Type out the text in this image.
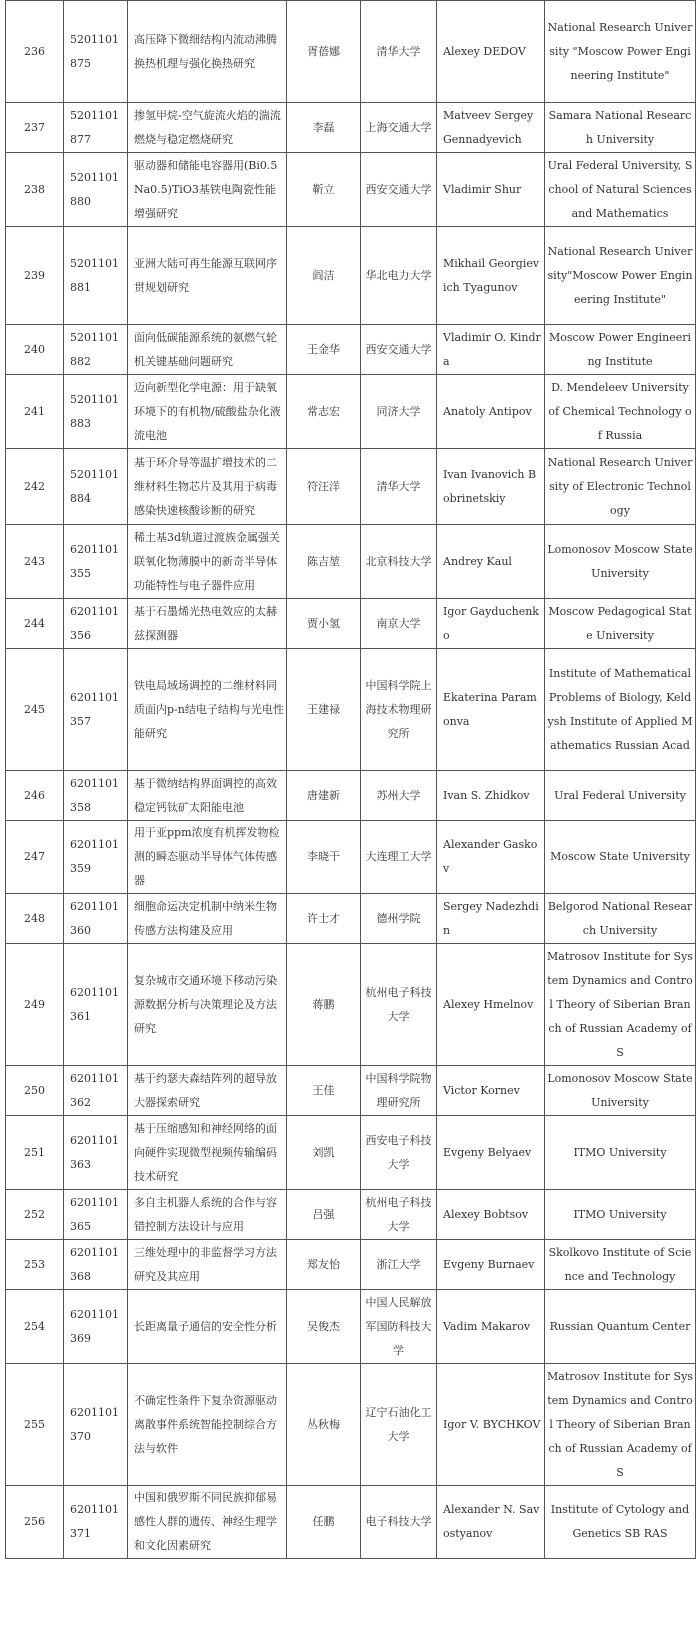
236	5201101875	高压降下微细结构内流动沸腾换热机理与强化换热研究	胥蓓娜	清华大学	Alexey DEDOV	National Research University "Moscow Power Engineering Institute"

237	5201101877	掺氢甲烷-空气旋流火焰的湍流燃烧与稳定燃烧研究	李磊	上海交通大学	Matveev Sergey Gennadyevich	Samara National Research University

238	5201101880	驱动器和储能电容器用(Bi0.5Na0.5)TiO3基铁电陶瓷性能增强研究	靳立	西安交通大学	Vladimir Shur	Ural Federal University, School of Natural Sciences and Mathematics

239	5201101881	亚洲大陆可再生能源互联网序贯规划研究	阎洁	华北电力大学	Mikhail Georgievich Tyagunov	National Research University"Moscow Power Engineering Institute"

240	5201101882	面向低碳能源系统的氨燃气轮机关键基础问题研究	王金华	西安交通大学	Vladimir O. Kindra	Moscow Power Engineering Institute

241	5201101883	迈向新型化学电源：用于缺氧环境下的有机物/硫酸盐杂化液流电池	常志宏	同济大学	Anatoly Antipov	D. Mendeleev University of Chemical Technology of Russia

242	5201101884	基于环介导等温扩增技术的二维材料生物芯片及其用于病毒感染快速核酸诊断的研究	符汪洋	清华大学	Ivan Ivanovich Bobrinetskiy	National Research University of Electronic Technology

243	6201101355	稀土基3d轨道过渡族金属强关联氧化物薄膜中的新奇半导体功能特性与电子器件应用	陈吉堃	北京科技大学	Andrey Kaul	Lomonosov Moscow State University

244	6201101356	基于石墨烯光热电效应的太赫兹探测器	贾小氢	南京大学	Igor Gayduchenko	Moscow Pedagogical State University

245	6201101357	铁电局域场调控的二维材料同质面内p-n结电子结构与光电性能研究	王建禄	中国科学院上海技术物理研究所	Ekaterina Paramonva	Institute of Mathematical Problems of Biology, Keldysh Institute of Applied Mathematics Russian Acad

246	6201101358	基于微纳结构界面调控的高效稳定钙钛矿太阳能电池	唐建新	苏州大学	Ivan S. Zhidkov	Ural Federal University

247	6201101359	用于亚ppm浓度有机挥发物检测的瞬态驱动半导体气体传感器	李晓干	大连理工大学	Alexander Gaskov	Moscow State University

248	6201101360	细胞命运决定机制中纳米生物传感方法构建及应用	许士才	德州学院	Sergey Nadezhdin	Belgorod National Research University

249	6201101361	复杂城市交通环境下移动污染源数据分析与决策理论及方法研究	蒋鹏	杭州电子科技大学	Alexey Hmelnov	Matrosov Institute for System Dynamics and Control Theory of Siberian Branch of Russian Academy of S

250	6201101362	基于约瑟夫森结阵列的超导放大器探索研究	王佳	中国科学院物理研究所	Victor Kornev	Lomonosov Moscow State University

251	6201101363	基于压缩感知和神经网络的面向硬件实现微型视频传输编码技术研究	刘凯	西安电子科技大学	Evgeny Belyaev	ITMO University

252	6201101365	多自主机器人系统的合作与容错控制方法设计与应用	吕强	杭州电子科技大学	Alexey Bobtsov	ITMO University

253	6201101368	三维处理中的非监督学习方法研究及其应用	郑友怡	浙江大学	Evgeny Burnaev	Skolkovo Institute of Science and Technology

254	6201101369	长距离量子通信的安全性分析	吴俊杰	中国人民解放军国防科技大学	Vadim Makarov	Russian Quantum Center

255	6201101370	不确定性条件下复杂资源驱动离散事件系统智能控制综合方法与软件	丛秋梅	辽宁石油化工大学	Igor V. BYCHKOV	Matrosov Institute for System Dynamics and Control Theory of Siberian Branch of Russian Academy of S

256	6201101371	中国和俄罗斯不同民族抑郁易感性人群的遗传、神经生理学和文化因素研究	任鹏	电子科技大学	Alexander N. Savostyanov	Institute of Cytology and Genetics SB RAS
